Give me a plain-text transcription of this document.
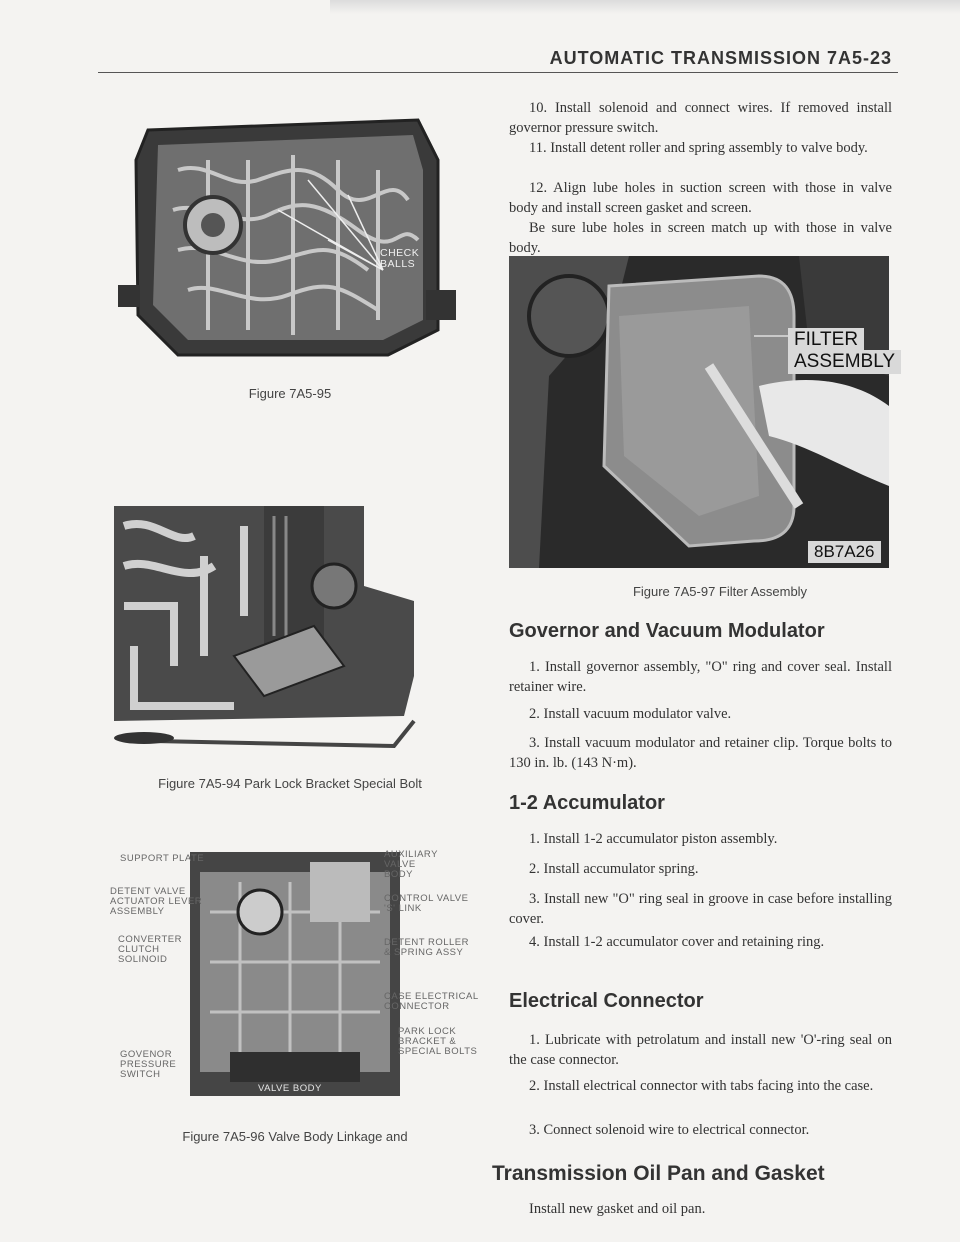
AUTOMATIC TRANSMISSION 7A5-23
CHECK
BALLS
Figure 7A5-95
Figure 7A5-94 Park Lock Bracket Special Bolt
SUPPORT PLATE
DETENT VALVE
ACTUATOR LEVER
ASSEMBLY
CONVERTER
CLUTCH
SOLINOID
GOVENOR
PRESSURE
SWITCH
AUXILIARY
VALVE
BODY
CONTROL VALVE
'S' LINK
DETENT ROLLER
& SPRING ASSY
CASE ELECTRICAL
CONNECTOR
PARK LOCK
BRACKET &
SPECIAL BOLTS
VALVE BODY
Figure 7A5-96 Valve Body Linkage and
FILTER
ASSEMBLY
8B7A26
Figure 7A5-97 Filter Assembly
10. Install solenoid and connect wires. If removed install governor pressure switch.
11. Install detent roller and spring assembly to valve body.
12. Align lube holes in suction screen with those in valve body and install screen gasket and screen.
Be sure lube holes in screen match up with those in valve body.
Governor and Vacuum Modulator
1. Install governor assembly, "O" ring and cover seal. Install retainer wire.
2. Install vacuum modulator valve.
3. Install vacuum modulator and retainer clip. Torque bolts to 130 in. lb. (143 N·m).
1-2 Accumulator
1. Install 1-2 accumulator piston assembly.
2. Install accumulator spring.
3. Install new "O" ring seal in groove in case before installing cover.
4. Install 1-2 accumulator cover and retaining ring.
Electrical Connector
1. Lubricate with petrolatum and install new 'O'-ring seal on the case connector.
2. Install electrical connector with tabs facing into the case.
3. Connect solenoid wire to electrical connector.
Transmission Oil Pan and Gasket
Install new gasket and oil pan.
